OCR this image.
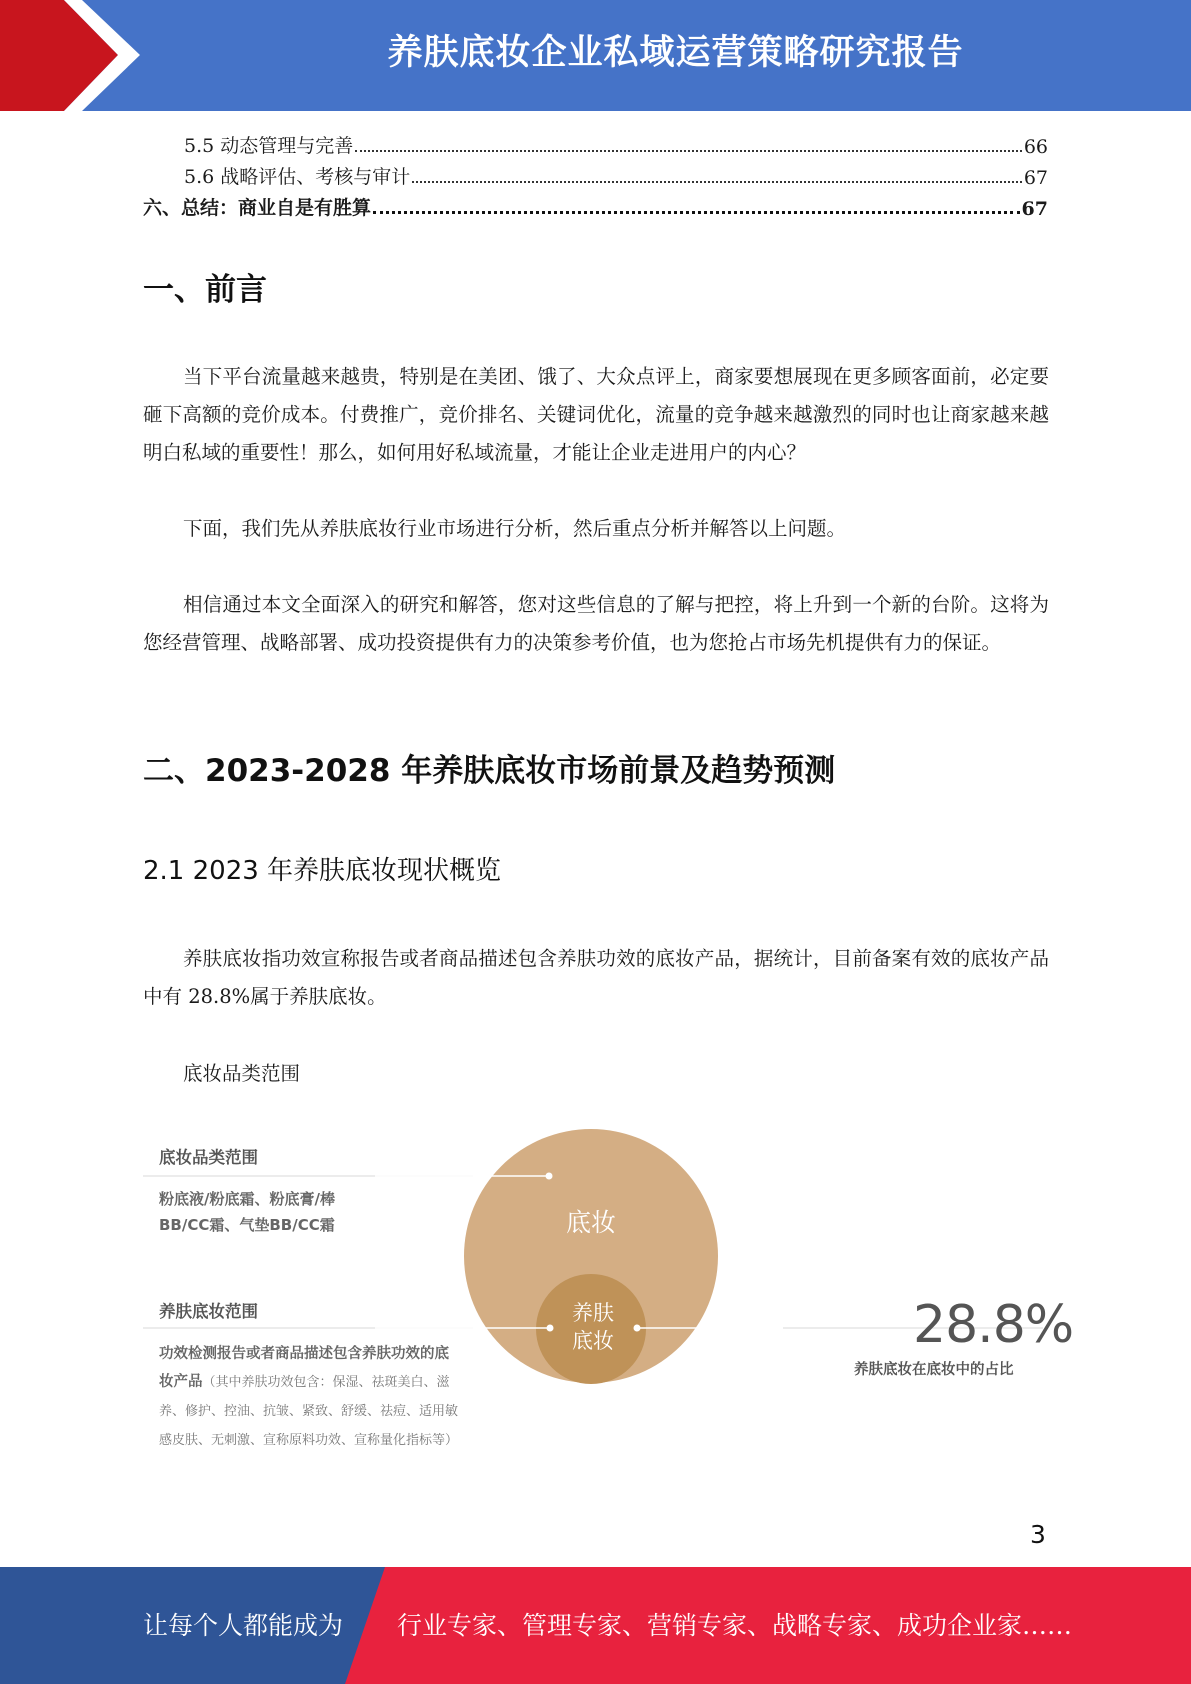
养肤底妆企业私域运营策略研究报告
5.5 动态管理与完善	66
5.6 战略评估、考核与审计	67
六、总结：商业自是有胜算	67
一、前言
当下平台流量越来越贵，特别是在美团、饿了、大众点评上，商家要想展现在更多顾客面前，必定要砸下高额的竞价成本。付费推广，竞价排名、关键词优化，流量的竞争越来越激烈的同时也让商家越来越明白私域的重要性！那么，如何用好私域流量，才能让企业走进用户的内心？
下面，我们先从养肤底妆行业市场进行分析，然后重点分析并解答以上问题。
相信通过本文全面深入的研究和解答，您对这些信息的了解与把控，将上升到一个新的台阶。这将为您经营管理、战略部署、成功投资提供有力的决策参考价值，也为您抢占市场先机提供有力的保证。
二、2023-2028 年养肤底妆市场前景及趋势预测
2.1 2023 年养肤底妆现状概览
养肤底妆指功效宣称报告或者商品描述包含养肤功效的底妆产品，据统计，目前备案有效的底妆产品中有 28.8%属于养肤底妆。
底妆品类范围
底妆
养肤
底妆
底妆品类范围
粉底液/粉底霜、粉底膏/棒 BB/CC霜、气垫BB/CC霜
养肤底妆范围
功效检测报告或者商品描述包含养肤功效的底妆产品（其中养肤功效包含：保湿、祛斑美白、滋养、修护、控油、抗皱、紧致、舒缓、祛痘、适用敏感皮肤、无刺激、宣称原料功效、宣称量化指标等）
28.8%
养肤底妆在底妆中的占比
3
让每个人都能成为 行业专家、管理专家、营销专家、战略专家、成功企业家……
